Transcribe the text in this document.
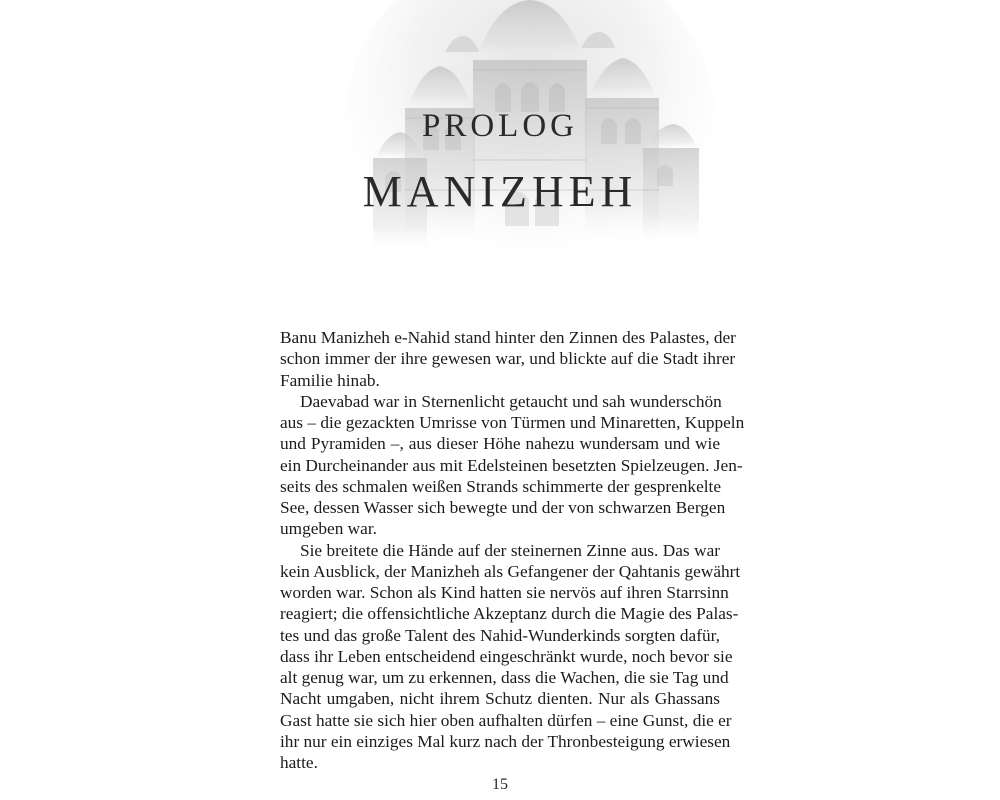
PROLOG
MANIZHEH

Banu Manizheh e-Nahid stand hinter den Zinnen des Palastes, der
schon immer der ihre gewesen war, und blickte auf die Stadt ihrer
Familie hinab.

Daevabad war in Sternenlicht getaucht und sah wunderschön
aus – die gezackten Umrisse von Türmen und Minaretten, Kuppeln
und Pyramiden –, aus dieser Höhe nahezu wundersam und wie
ein Durcheinander aus mit Edelsteinen besetzten Spielzeugen. Jen-
seits des schmalen weißen Strands schimmerte der gesprenkelte
See, dessen Wasser sich bewegte und der von schwarzen Bergen
umgeben war.

Sie breitete die Hände auf der steinernen Zinne aus. Das war
kein Ausblick, der Manizheh als Gefangener der Qahtanis gewährt
worden war. Schon als Kind hatten sie nervös auf ihren Starrsinn
reagiert; die offensichtliche Akzeptanz durch die Magie des Palas-
tes und das große Talent des Nahid-Wunderkinds sorgten dafür,
dass ihr Leben entscheidend eingeschränkt wurde, noch bevor sie
alt genug war, um zu erkennen, dass die Wachen, die sie Tag und
Nacht umgaben, nicht ihrem Schutz dienten. Nur als Ghassans
Gast hatte sie sich hier oben aufhalten dürfen – eine Gunst, die er
ihr nur ein einziges Mal kurz nach der Thronbesteigung erwiesen
hatte.

15
